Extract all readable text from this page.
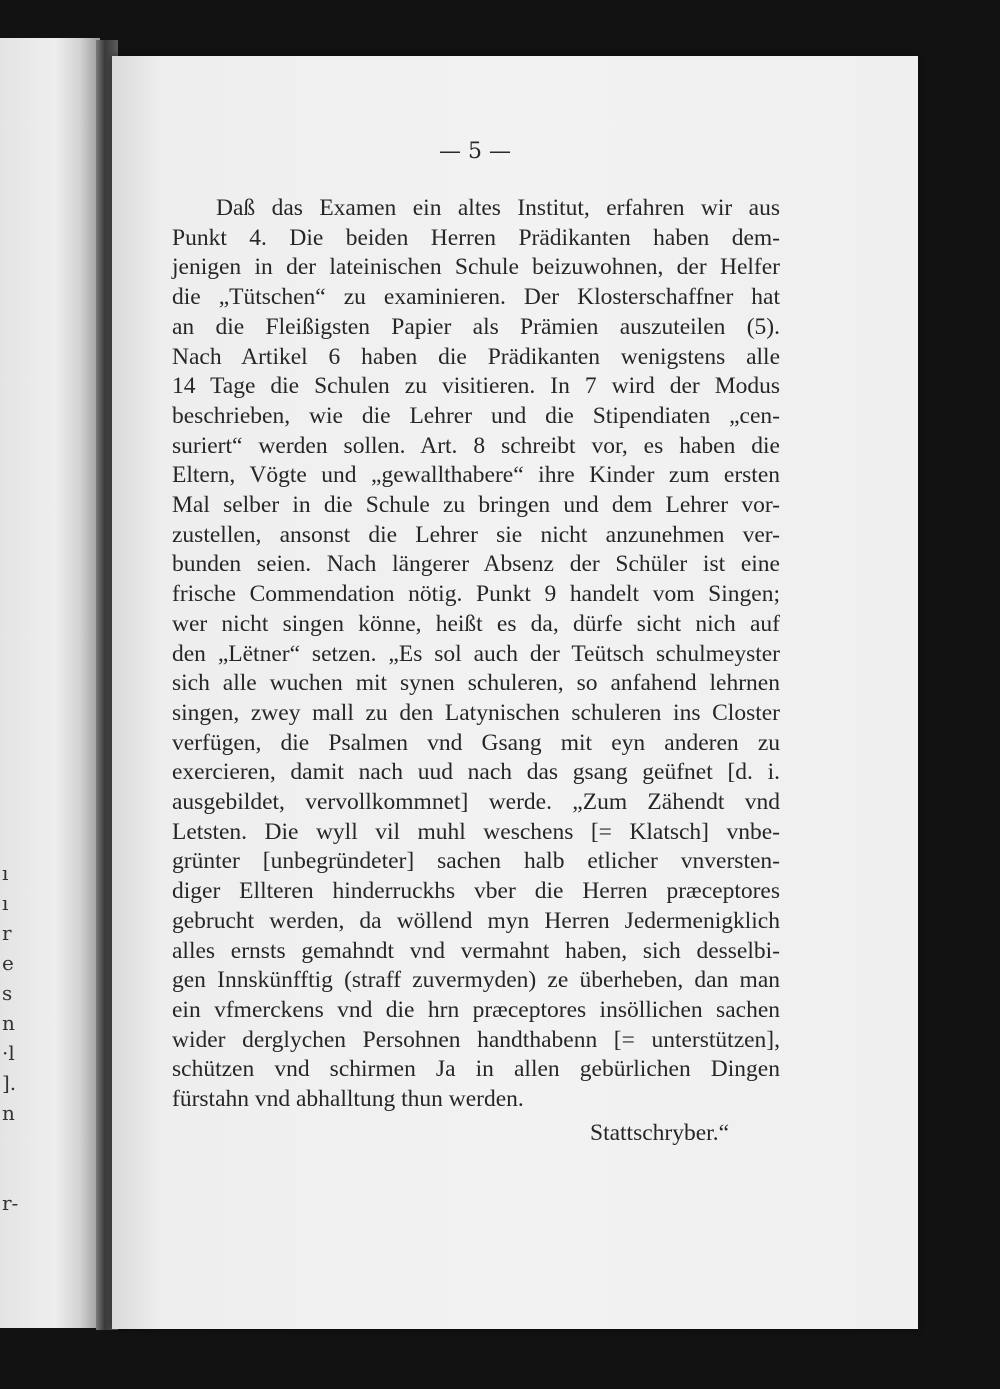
ı
ı
r
e
s
n
·l
].
n

r-
— 5 —
Daß das Examen ein altes Institut, erfahren wir aus
Punkt 4. Die beiden Herren Prädikanten haben dem-
jenigen in der lateinischen Schule beizuwohnen, der Helfer
die „Tütschen“ zu examinieren. Der Klosterschaffner hat
an die Fleißigsten Papier als Prämien auszuteilen (5).
Nach Artikel 6 haben die Prädikanten wenigstens alle
14 Tage die Schulen zu visitieren. In 7 wird der Modus
beschrieben, wie die Lehrer und die Stipendiaten „cen-
suriert“ werden sollen. Art. 8 schreibt vor, es haben die
Eltern, Vögte und „gewallthabere“ ihre Kinder zum ersten
Mal selber in die Schule zu bringen und dem Lehrer vor-
zustellen, ansonst die Lehrer sie nicht anzunehmen ver-
bunden seien. Nach längerer Absenz der Schüler ist eine
frische Commendation nötig. Punkt 9 handelt vom Singen;
wer nicht singen könne, heißt es da, dürfe sicht nich auf
den „Lëtner“ setzen. „Es sol auch der Teütsch schulmeyster
sich alle wuchen mit synen schuleren, so anfahend lehrnen
singen, zwey mall zu den Latynischen schuleren ins Closter
verfügen, die Psalmen vnd Gsang mit eyn anderen zu
exercieren, damit nach uud nach das gsang geüfnet [d. i.
ausgebildet, vervollkommnet] werde. „Zum Zähendt vnd
Letsten. Die wyll vil muhl weschens [= Klatsch] vnbe-
grünter [unbegründeter] sachen halb etlicher vnversten-
diger Ellteren hinderruckhs vber die Herren præceptores
gebrucht werden, da wöllend myn Herren Jedermenigklich
alles ernsts gemahndt vnd vermahnt haben, sich desselbi-
gen Innskünfftig (straff zuvermyden) ze überheben, dan man
ein vfmerckens vnd die hrn præceptores insöllichen sachen
wider derglychen Persohnen handthabenn [= unterstützen],
schützen vnd schirmen Ja in allen gebürlichen Dingen
fürstahn vnd abhalltung thun werden.
Stattschryber.“
